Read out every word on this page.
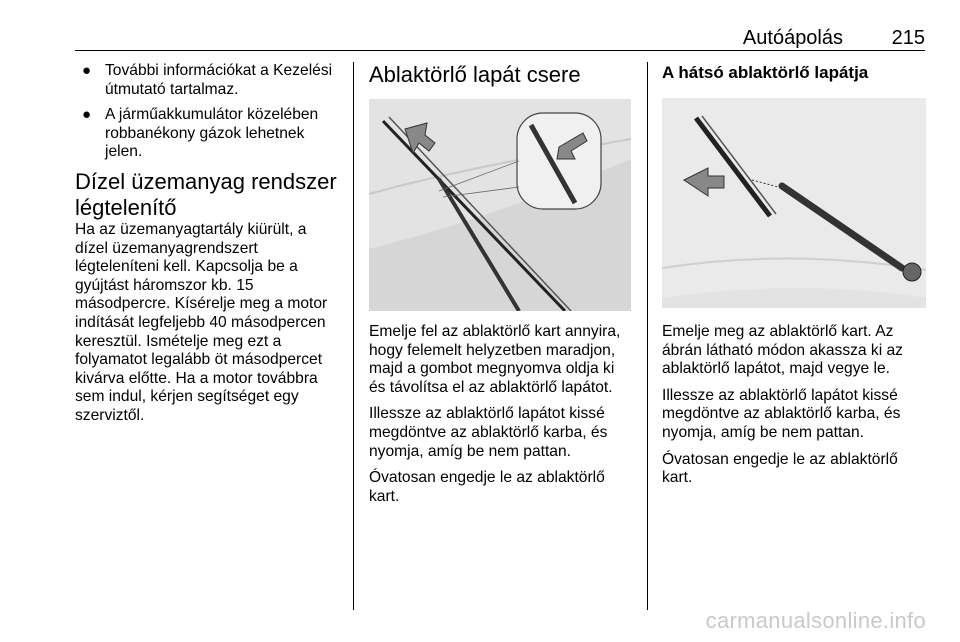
Autóápolás 215
● További információkat a Kezelési útmutató tartalmaz.

● A járműakkumulátor közelében robbanékony gázok lehetnek jelen.

Dízel üzemanyag rendszer légtelenítő

Ha az üzemanyagtartály kiürült, a dízel üzemanyagrendszert légteleníteni kell. Kapcsolja be a gyújtást háromszor kb. 15 másodpercre. Kísérelje meg a motor indítását legfeljebb 40 másodpercen keresztül. Ismételje meg ezt a folyamatot legalább öt másodpercet kivárva előtte. Ha a motor továbbra sem indul, kérjen segítséget egy szerviztől.

Ablaktörlő lapát csere

Emelje fel az ablaktörlő kart annyira, hogy felemelt helyzetben maradjon, majd a gombot megnyomva oldja ki és távolítsa el az ablaktörlő lapátot.

Illessze az ablaktörlő lapátot kissé megdöntve az ablaktörlő karba, és nyomja, amíg be nem pattan.

Óvatosan engedje le az ablaktörlő kart.

A hátsó ablaktörlő lapátja

Emelje meg az ablaktörlő kart. Az ábrán látható módon akassza ki az ablaktörlő lapátot, majd vegye le.

Illessze az ablaktörlő lapátot kissé megdöntve az ablaktörlő karba, és nyomja, amíg be nem pattan.

Óvatosan engedje le az ablaktörlő kart.

carmanualsonline.info
